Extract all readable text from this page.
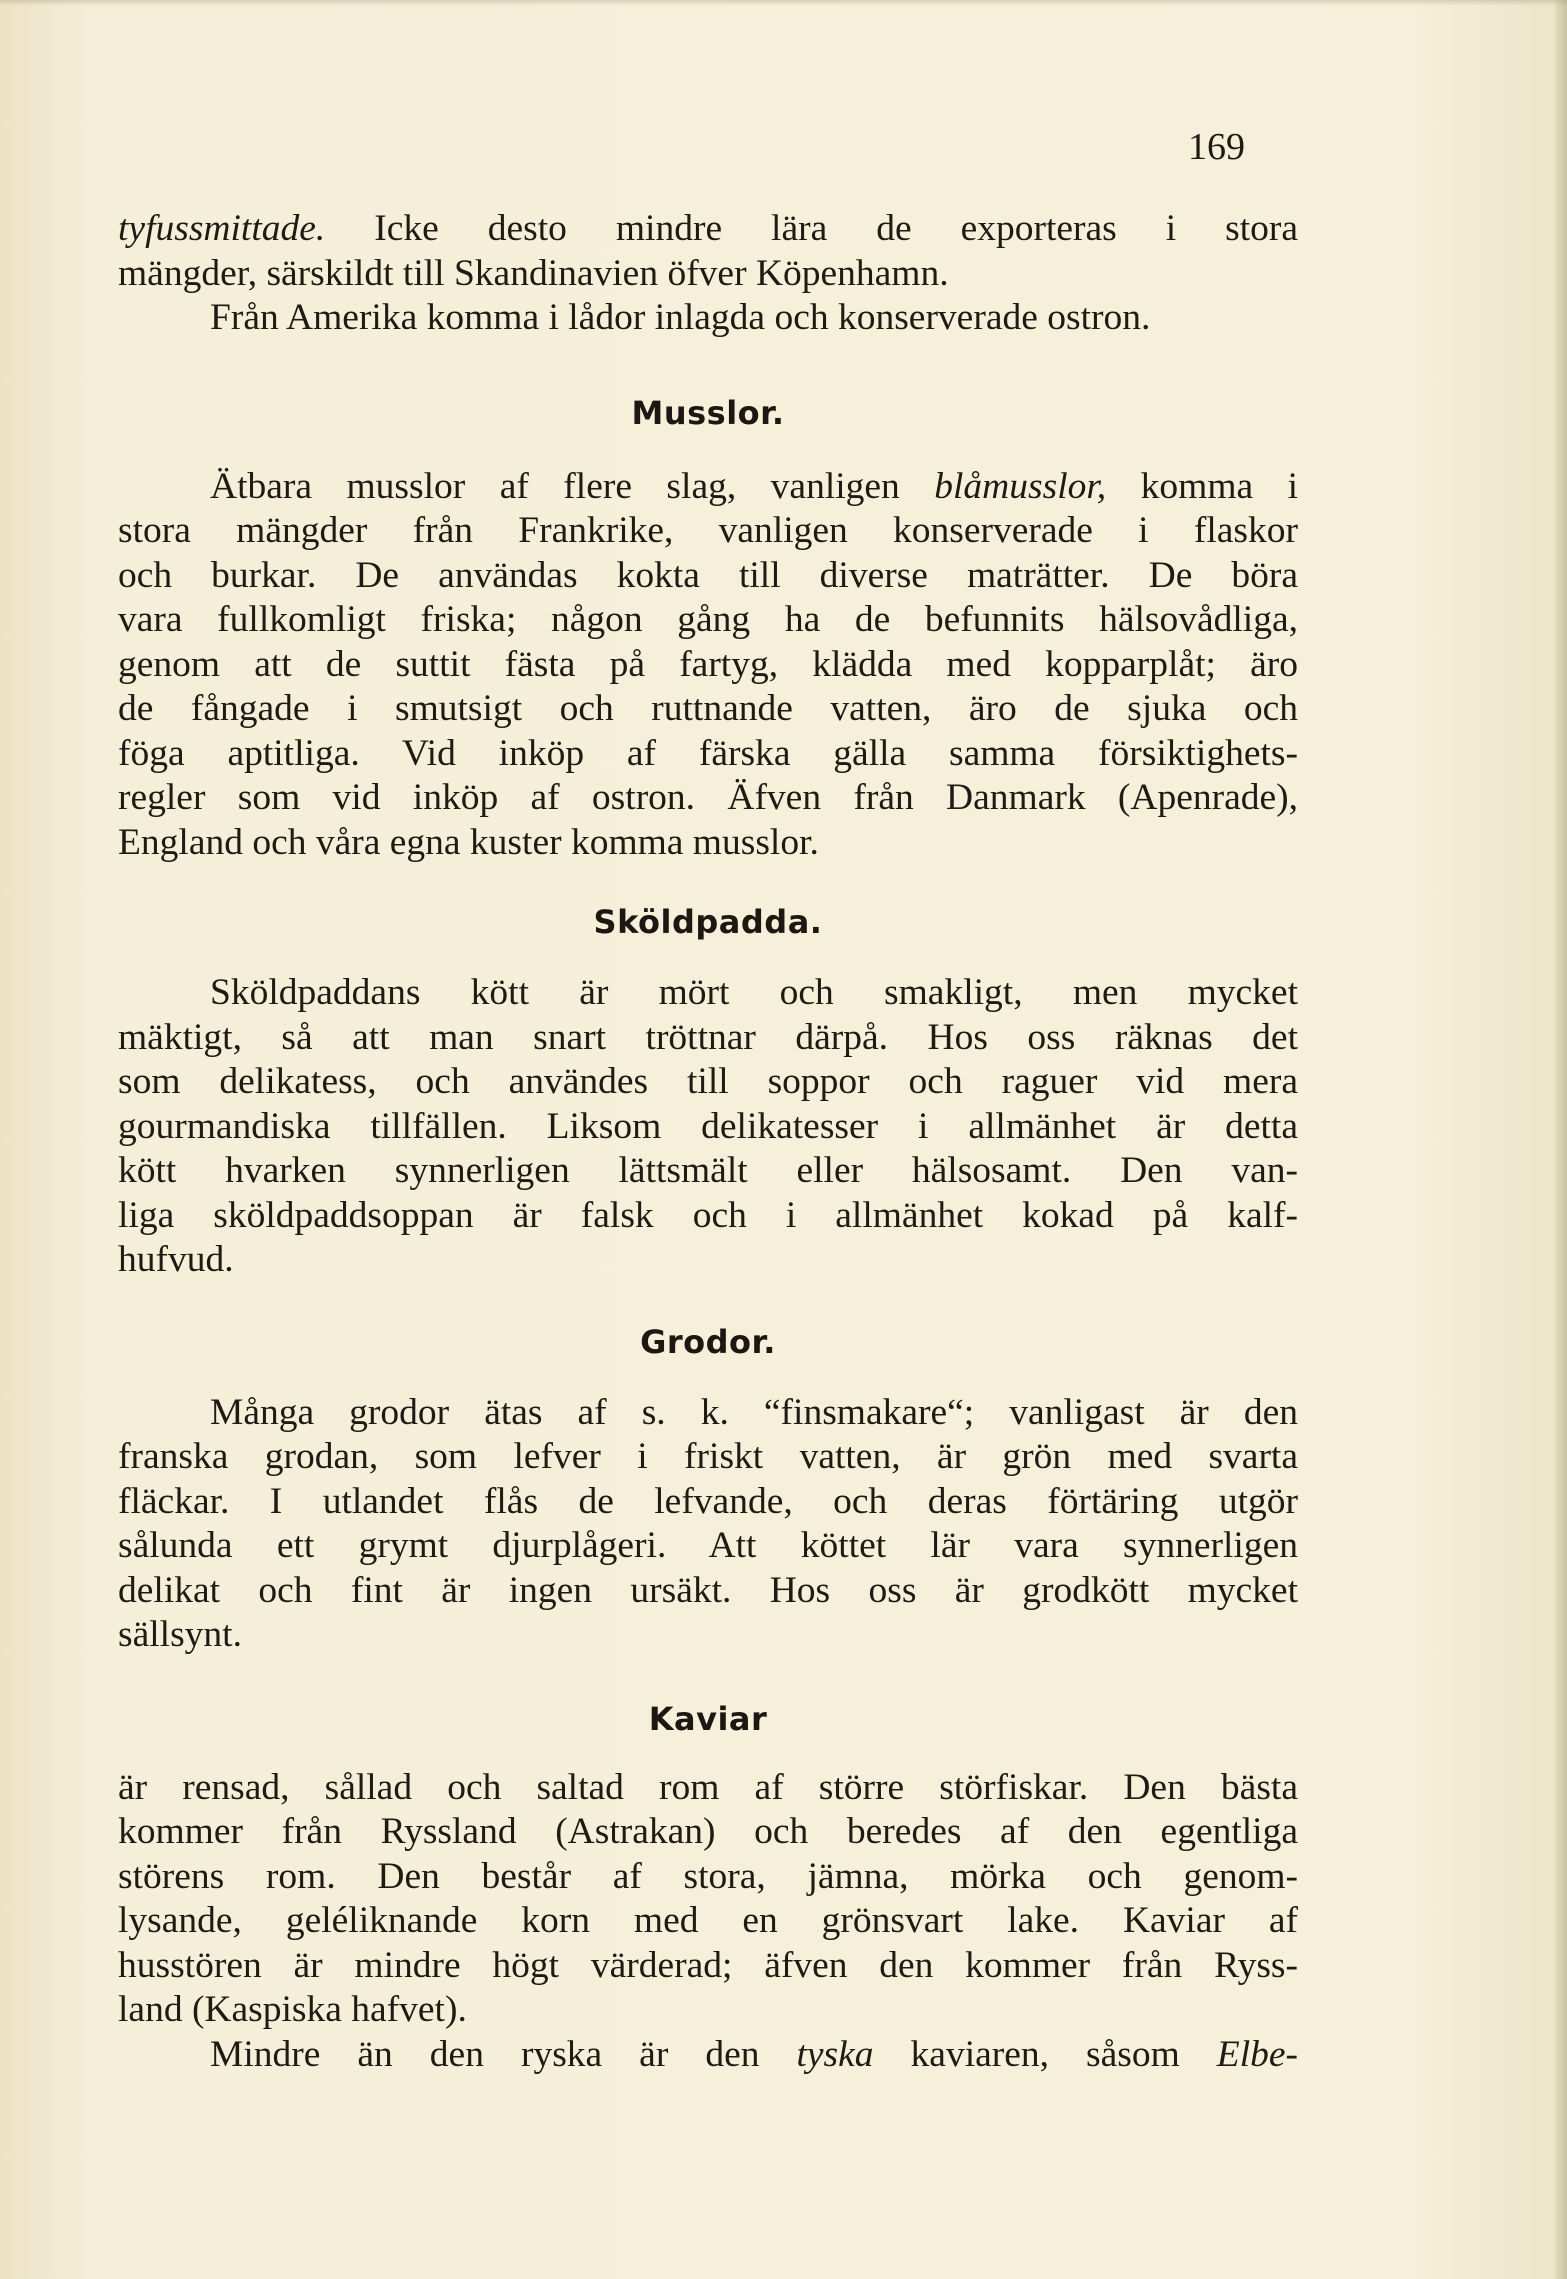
169

tyfussmittade. Icke desto mindre lära de exporteras i stora
mängder, särskildt till Skandinavien öfver Köpenhamn.
Från Amerika komma i lådor inlagda och konserverade ostron.

Musslor.

Ätbara musslor af flere slag, vanligen blåmusslor, komma i
stora mängder från Frankrike, vanligen konserverade i flaskor
och burkar. De användas kokta till diverse maträtter. De böra
vara fullkomligt friska; någon gång ha de befunnits hälsovådliga,
genom att de suttit fästa på fartyg, klädda med kopparplåt; äro
de fångade i smutsigt och ruttnande vatten, äro de sjuka och
föga aptitliga. Vid inköp af färska gälla samma försiktighets-
regler som vid inköp af ostron. Äfven från Danmark (Apenrade),
England och våra egna kuster komma musslor.

Sköldpadda.

Sköldpaddans kött är mört och smakligt, men mycket
mäktigt, så att man snart tröttnar därpå. Hos oss räknas det
som delikatess, och användes till soppor och raguer vid mera
gourmandiska tillfällen. Liksom delikatesser i allmänhet är detta
kött hvarken synnerligen lättsmält eller hälsosamt. Den van-
liga sköldpaddsoppan är falsk och i allmänhet kokad på kalf-
hufvud.

Grodor.

Många grodor ätas af s. k. “finsmakare“; vanligast är den
franska grodan, som lefver i friskt vatten, är grön med svarta
fläckar. I utlandet flås de lefvande, och deras förtäring utgör
sålunda ett grymt djurplågeri. Att köttet lär vara synnerligen
delikat och fint är ingen ursäkt. Hos oss är grodkött mycket
sällsynt.

Kaviar

är rensad, sållad och saltad rom af större störfiskar. Den bästa
kommer från Ryssland (Astrakan) och beredes af den egentliga
störens rom. Den består af stora, jämna, mörka och genom-
lysande, geléliknande korn med en grönsvart lake. Kaviar af
husstören är mindre högt värderad; äfven den kommer från Ryss-
land (Kaspiska hafvet).
Mindre än den ryska är den tyska kaviaren, såsom Elbe-
